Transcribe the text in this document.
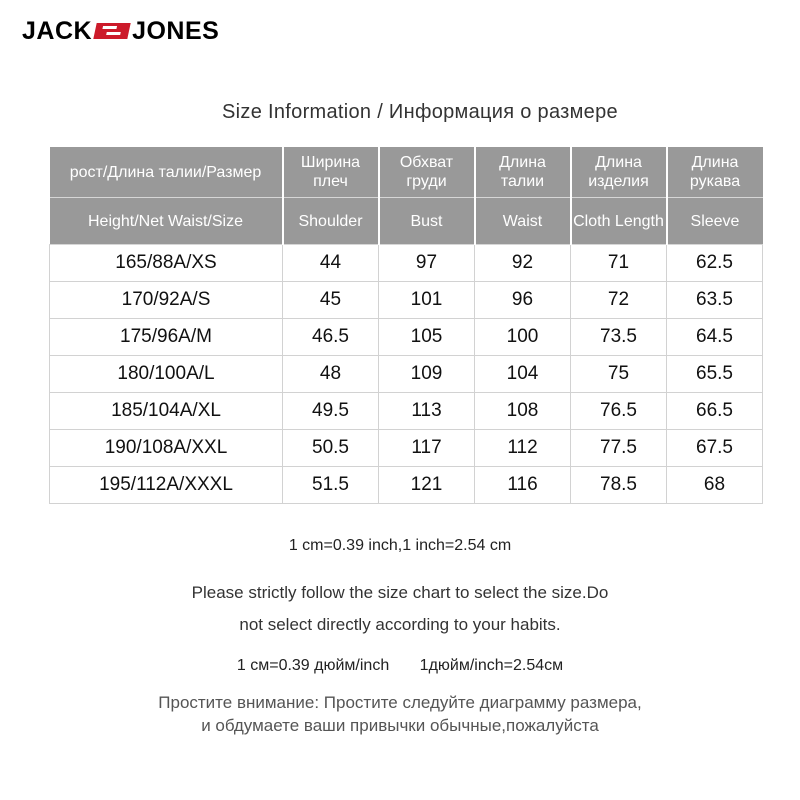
JACK JONES
Size Information / Информация о размере
рост/Длина талии/Размер	Ширина плеч	Обхват груди	Длина талии	Длина изделия	Длина рукава
Height/Net Waist/Size	Shoulder	Bust	Waist	Cloth Length	Sleeve
165/88A/XS	44	97	92	71	62.5
170/92A/S	45	101	96	72	63.5
175/96A/M	46.5	105	100	73.5	64.5
180/100A/L	48	109	104	75	65.5
185/104A/XL	49.5	113	108	76.5	66.5
190/108A/XXL	50.5	117	112	77.5	67.5
195/112A/XXXL	51.5	121	116	78.5	68
1 cm=0.39 inch,1 inch=2.54 cm
Please strictly follow the size chart to select the size.Do
not select directly according to your habits.
1 см=0.39 дюйм/inch 1дюйм/inch=2.54см
Простите внимание: Простите следуйте диаграмму размера,
и обдумаете ваши привычки обычные,пожалуйста
